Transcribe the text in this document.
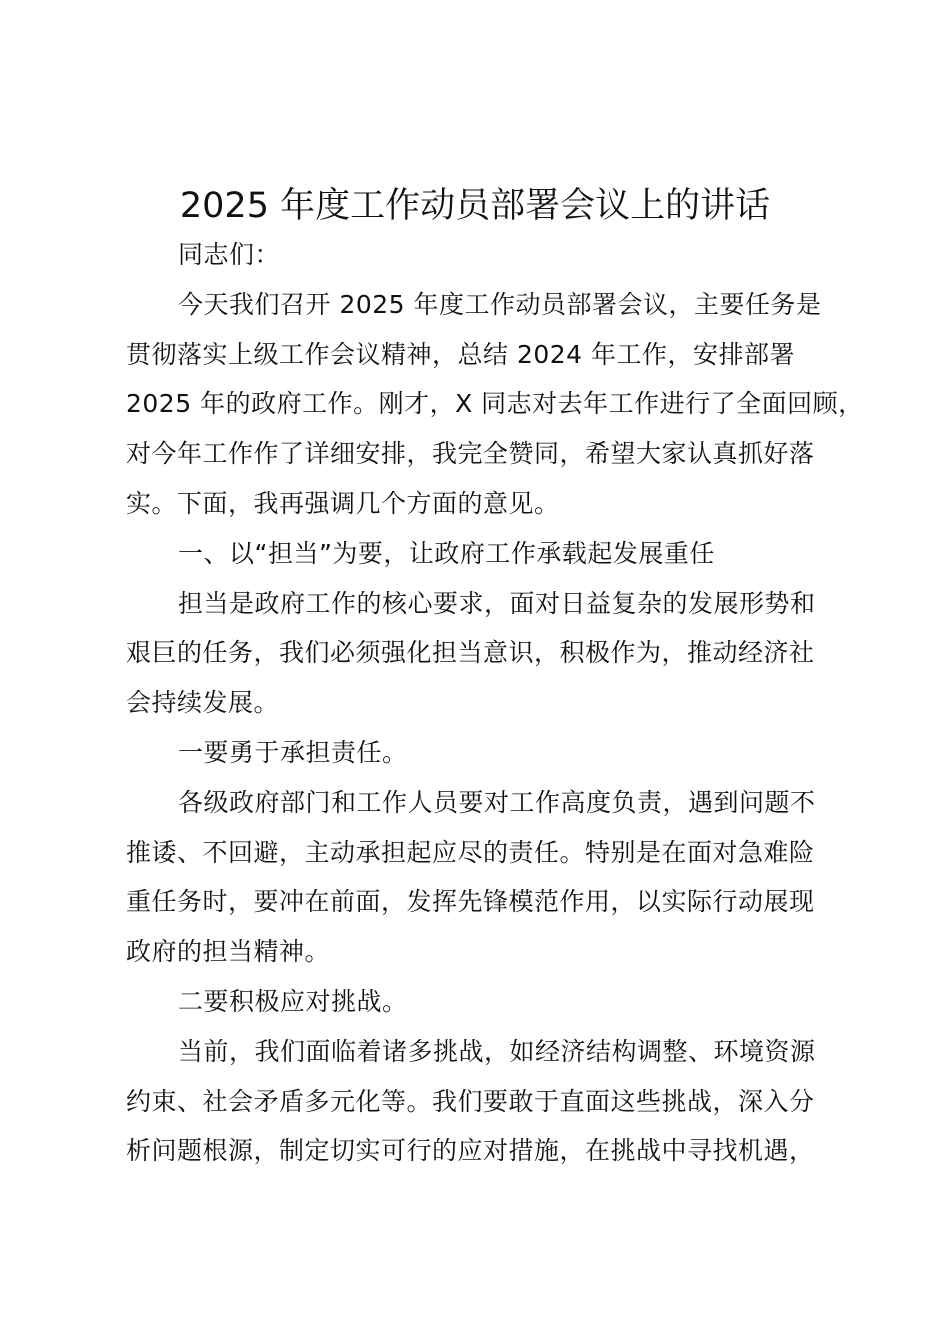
2025 年度工作动员部署会议上的讲话

同志们：

今天我们召开 2025 年度工作动员部署会议，主要任务是
贯彻落实上级工作会议精神，总结 2024 年工作，安排部署
2025 年的政府工作。刚才，X 同志对去年工作进行了全面回顾，
对今年工作作了详细安排，我完全赞同，希望大家认真抓好落
实。下面，我再强调几个方面的意见。

一、以“担当”为要，让政府工作承载起发展重任

担当是政府工作的核心要求，面对日益复杂的发展形势和
艰巨的任务，我们必须强化担当意识，积极作为，推动经济社
会持续发展。

一要勇于承担责任。

各级政府部门和工作人员要对工作高度负责，遇到问题不
推诿、不回避，主动承担起应尽的责任。特别是在面对急难险
重任务时，要冲在前面，发挥先锋模范作用，以实际行动展现
政府的担当精神。

二要积极应对挑战。

当前，我们面临着诸多挑战，如经济结构调整、环境资源
约束、社会矛盾多元化等。我们要敢于直面这些挑战，深入分
析问题根源，制定切实可行的应对措施，在挑战中寻找机遇，
